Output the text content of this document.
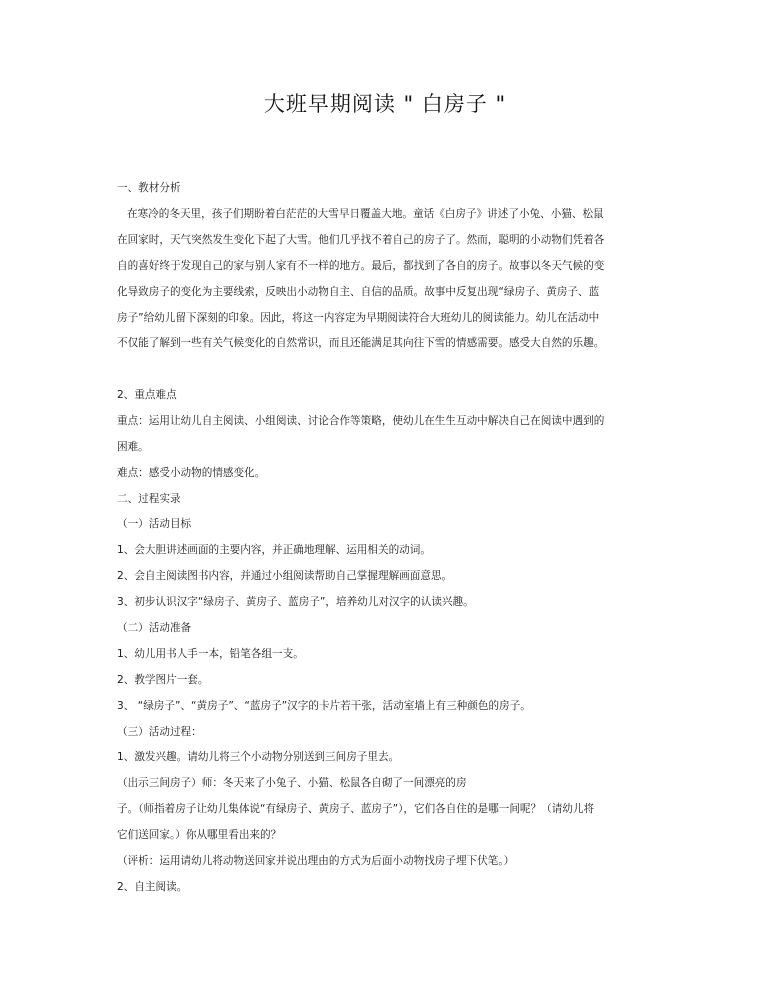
大班早期阅读 " 白房子 "
一、教材分析
在寒冷的冬天里，孩子们期盼着白茫茫的大雪早日覆盖大地。童话《白房子》讲述了小兔、小猫、松鼠
在回家时，天气突然发生变化下起了大雪。他们几乎找不着自己的房子了。然而，聪明的小动物们凭着各
自的喜好终于发现自己的家与别人家有不一样的地方。最后，都找到了各自的房子。故事以冬天气候的变
化导致房子的变化为主要线索，反映出小动物自主、自信的品质。故事中反复出现“绿房子、黄房子、蓝
房子”给幼儿留下深刻的印象。因此，将这一内容定为早期阅读符合大班幼儿的阅读能力。幼儿在活动中
不仅能了解到一些有关气候变化的自然常识，而且还能满足其向往下雪的情感需要。感受大自然的乐趣。
2、重点难点
重点：运用让幼儿自主阅读、小组阅读、讨论合作等策略，使幼儿在生生互动中解决自己在阅读中遇到的
困难。
难点：感受小动物的情感变化。
二、过程实录
（一）活动目标
1、会大胆讲述画面的主要内容，并正确地理解、运用相关的动词。
2、会自主阅读图书内容，并通过小组阅读帮助自己掌握理解画面意思。
3、初步认识汉字“绿房子、黄房子、蓝房子”，培养幼儿对汉字的认读兴趣。
（二）活动准备
1、幼儿用书人手一本，铅笔各组一支。
2、教学图片一套。
3、 “绿房子”、“黄房子”、“蓝房子”汉字的卡片若干张，活动室墙上有三种颜色的房子。
（三）活动过程：
1、激发兴趣。请幼儿将三个小动物分别送到三间房子里去。
（出示三间房子）师：冬天来了小兔子、小猫、松鼠各自砌了一间漂亮的房
子。（师指着房子让幼儿集体说“有绿房子、黄房子、蓝房子”），它们各自住的是哪一间呢？（请幼儿将
它们送回家。）你从哪里看出来的？
（评析：运用请幼儿将动物送回家并说出理由的方式为后面小动物找房子埋下伏笔。）
2、自主阅读。
